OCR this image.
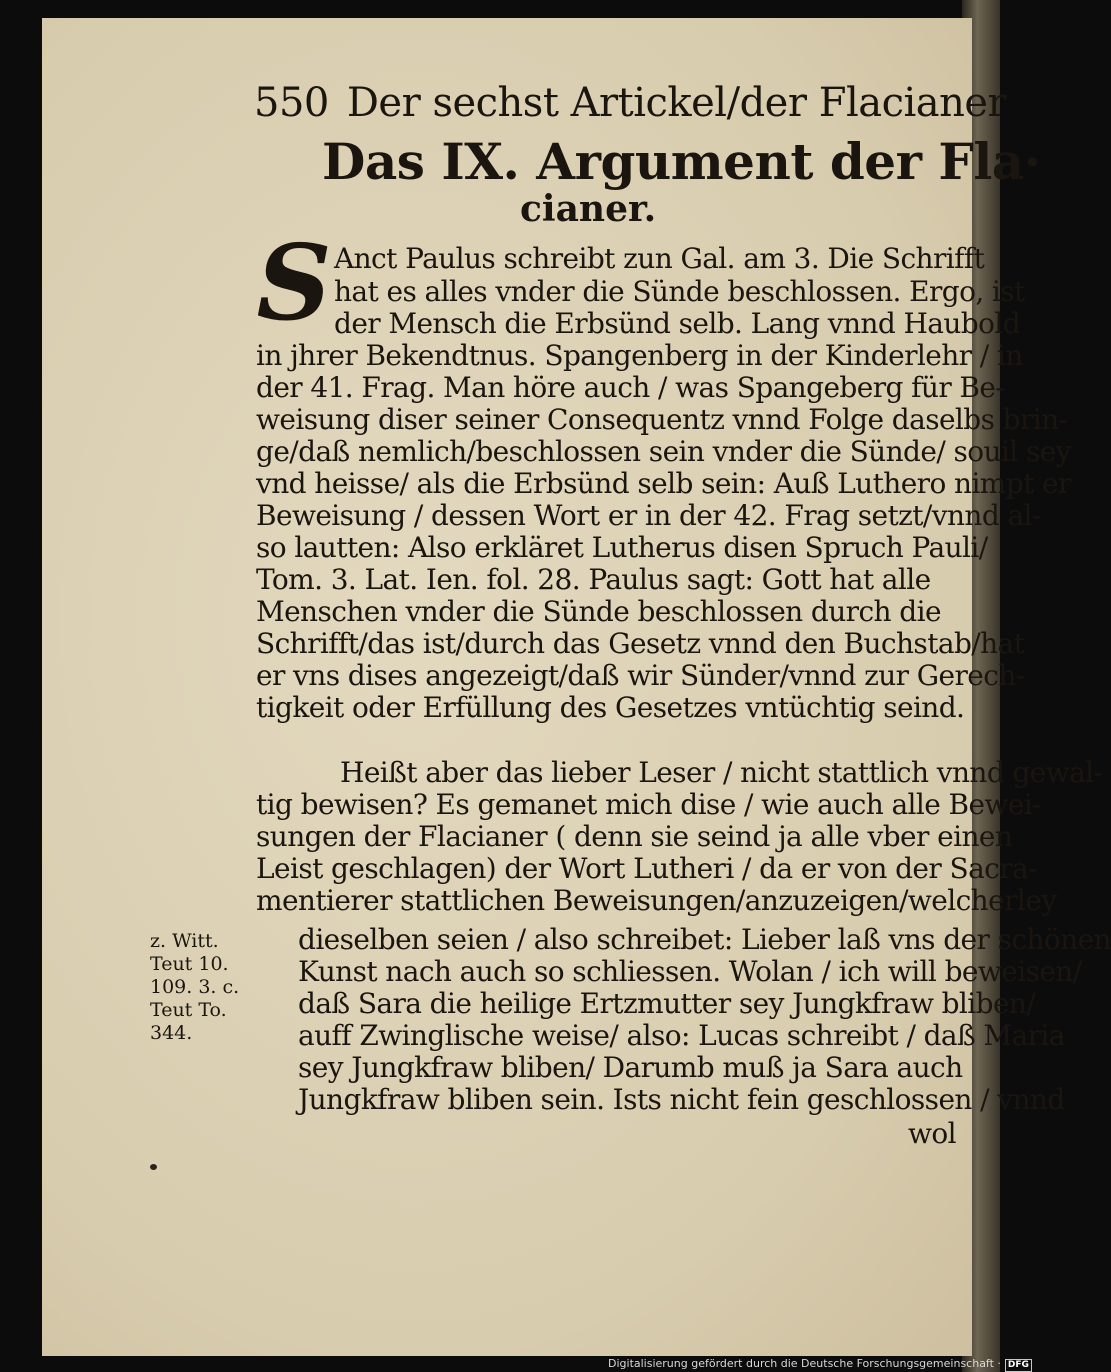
550 Der sechst Artickel/der Flacianer
Das IX. Argument der Fla·
cianer.
S Anct Paulus schreibt zun Gal. am 3. Die Schrifft
hat es alles vnder die Sünde beschlossen. Ergo, ist
der Mensch die Erbsünd selb. Lang vnnd Haubold
in jhrer Bekendtnus. Spangenberg in der Kinderlehr / in
der 41. Frag. Man höre auch / was Spangeberg für Be-
weisung diser seiner Consequentz vnnd Folge daselbs brin-
ge/daß nemlich/beschlossen sein vnder die Sünde/ souil sey
vnd heisse/ als die Erbsünd selb sein: Auß Luthero nimpt er
Beweisung / dessen Wort er in der 42. Frag setzt/vnnd al-
so lautten: Also erkläret Lutherus disen Spruch Pauli/
Tom. 3. Lat. Ien. fol. 28. Paulus sagt: Gott hat alle
Menschen vnder die Sünde beschlossen durch die
Schrifft/das ist/durch das Gesetz vnnd den Buchstab/hat
er vns dises angezeigt/daß wir Sünder/vnnd zur Gerech-
tigkeit oder Erfüllung des Gesetzes vntüchtig seind.
Heißt aber das lieber Leser / nicht stattlich vnnd gewal-
tig bewisen? Es gemanet mich dise / wie auch alle Bewei-
sungen der Flacianer ( denn sie seind ja alle vber einen
Leist geschlagen) der Wort Lutheri / da er von der Sacra-
mentierer stattlichen Beweisungen/anzuzeigen/welcherley
dieselben seien / also schreibet: Lieber laß vns der schönen
Kunst nach auch so schliessen. Wolan / ich will beweisen/
daß Sara die heilige Ertzmutter sey Jungkfraw bliben/
auff Zwinglische weise/ also: Lucas schreibt / daß Maria
sey Jungkfraw bliben/ Darumb muß ja Sara auch
Jungkfraw bliben sein. Ists nicht fein geschlossen / vnnd
wol
z. Witt.
Teut 10.
109. 3. c.
Teut To.
344.
Digitalisierung gefördert durch die Deutsche Forschungsgemeinschaft · DFG
